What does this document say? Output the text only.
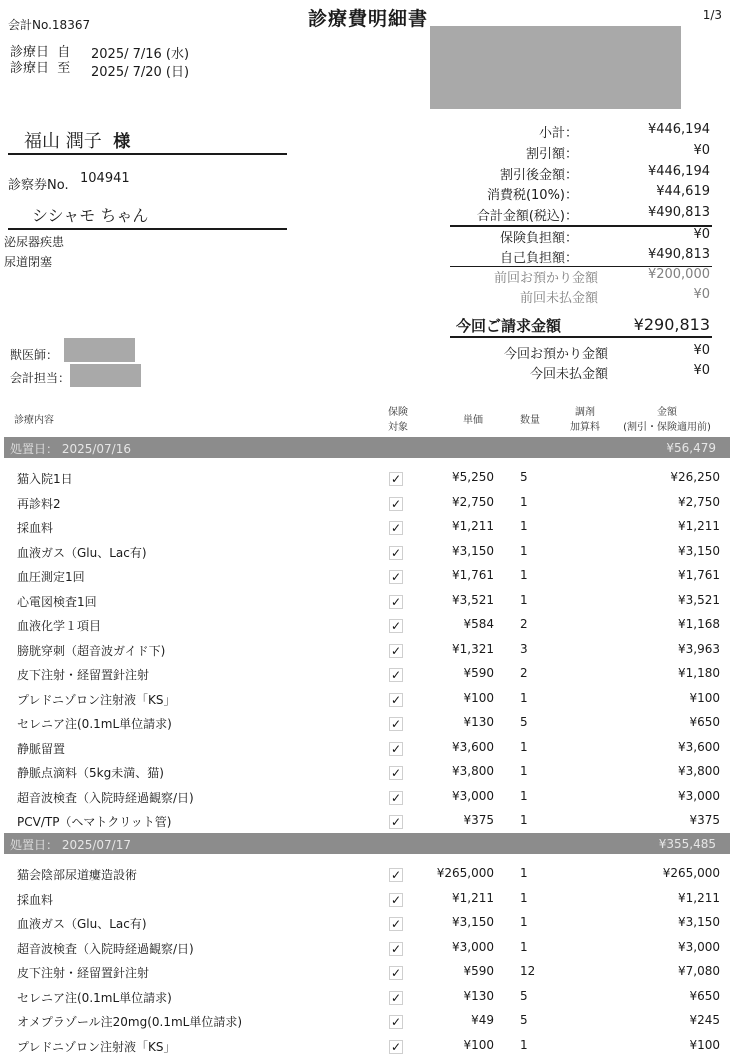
会計No.18367	診療費明細書	1/3
診療日 自 2025/ 7/16 (水)
診療日 至 2025/ 7/20 (日)
福山 潤子 様
診察券No. 104941
シシャモ ちゃん
泌尿器疾患
尿道閉塞
獣医師：
会計担当：
小計：	¥446,194
割引額：	¥0
割引後金額：	¥446,194
消費税(10%)：	¥44,619
合計金額(税込)：	¥490,813
保険負担額：	¥0
自己負担額：	¥490,813
前回お預かり金額	¥200,000
前回未払金額	¥0
今回ご請求金額	¥290,813
今回お預かり金額	¥0
今回未払金額	¥0
診療内容
保険
対象
単価	数量
調剤
加算料
金額
(割引・保険適用前)
処置日： 2025/07/16	¥56,479
猫入院1日	✓	¥5,250 5	¥26,250
再診料2	✓	¥2,750 1	¥2,750
採血料	✓	¥1,211 1	¥1,211
血液ガス（Glu、Lac有)	✓	¥3,150 1	¥3,150
血圧測定1回	✓	¥1,761 1	¥1,761
心電図検査1回	✓	¥3,521 1	¥3,521
血液化学１項目	✓	¥584 2	¥1,168
膀胱穿刺（超音波ガイド下)	✓	¥1,321 3	¥3,963
皮下注射・経留置針注射	✓	¥590 2	¥1,180
プレドニゾロン注射液「KS」	✓	¥100 1	¥100
セレニア注(0.1mL単位請求)	✓	¥130 5	¥650
静脈留置	✓	¥3,600 1	¥3,600
静脈点滴料（5kg未満、猫)	✓	¥3,800 1	¥3,800
超音波検査（入院時経過観察/日)	✓	¥3,000 1	¥3,000
PCV/TP（ヘマトクリット管)	✓	¥375 1	¥375
処置日： 2025/07/17	¥355,485
猫会陰部尿道瘻造設術	✓	¥265,000 1	¥265,000
採血料	✓	¥1,211 1	¥1,211
血液ガス（Glu、Lac有)	✓	¥3,150 1	¥3,150
超音波検査（入院時経過観察/日)	✓	¥3,000 1	¥3,000
皮下注射・経留置針注射	✓	¥590 12	¥7,080
セレニア注(0.1mL単位請求)	✓	¥130 5	¥650
オメプラゾール注20mg(0.1mL単位請求)	✓	¥49 5	¥245
プレドニゾロン注射液「KS」	✓	¥100 1	¥100
